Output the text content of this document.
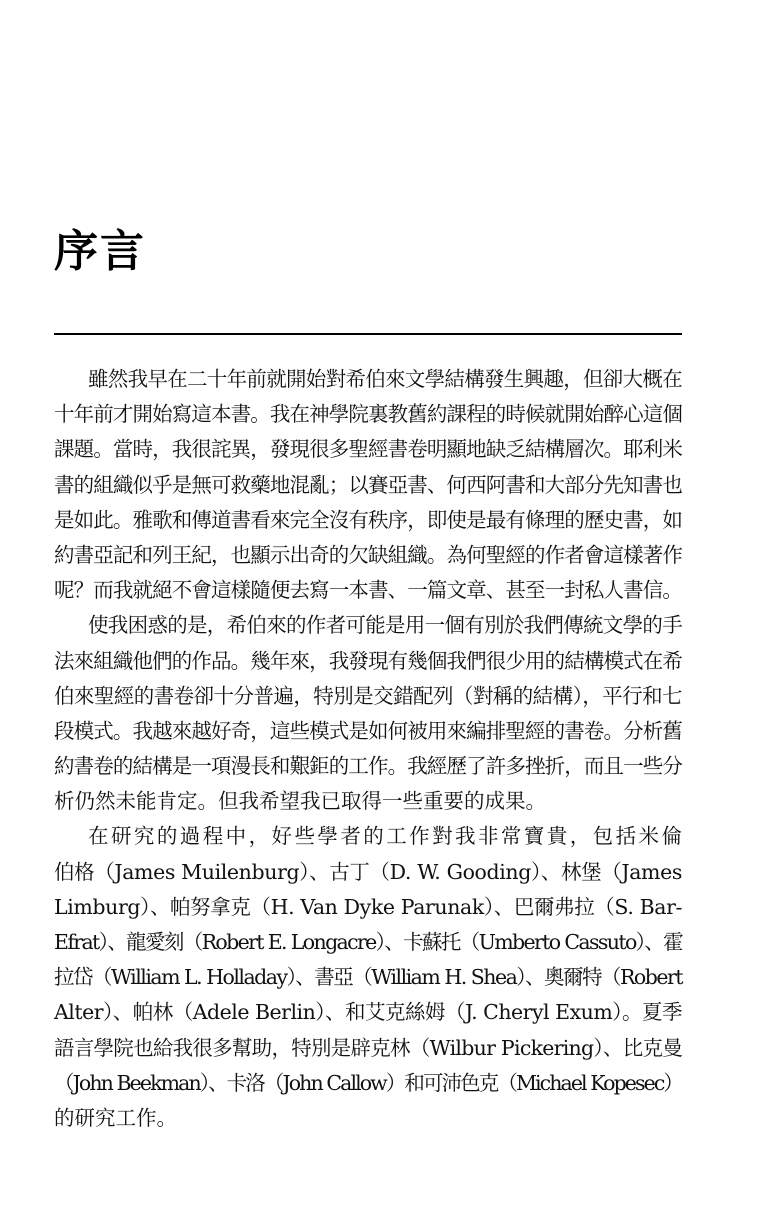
序言
雖然我早在二十年前就開始對希伯來文學結構發生興趣，但卻大概在
十年前才開始寫這本書。我在神學院裏教舊約課程的時候就開始醉心這個
課題。當時，我很詫異，發現很多聖經書卷明顯地缺乏結構層次。耶利米
書的組織似乎是無可救藥地混亂；以賽亞書、何西阿書和大部分先知書也
是如此。雅歌和傳道書看來完全沒有秩序，即使是最有條理的歷史書，如
約書亞記和列王紀，也顯示出奇的欠缺組織。為何聖經的作者會這樣著作
呢？而我就絕不會這樣隨便去寫一本書、一篇文章、甚至一封私人書信。
使我困惑的是，希伯來的作者可能是用一個有別於我們傳統文學的手
法來組織他們的作品。幾年來，我發現有幾個我們很少用的結構模式在希
伯來聖經的書卷卻十分普遍，特別是交錯配列（對稱的結構），平行和七
段模式。我越來越好奇，這些模式是如何被用來編排聖經的書卷。分析舊
約書卷的結構是一項漫長和艱鉅的工作。我經歷了許多挫折，而且一些分
析仍然未能肯定。但我希望我已取得一些重要的成果。
在研究的過程中，好些學者的工作對我非常寶貴，包括米倫
伯格（James Muilenburg）、古丁（D. W. Gooding）、林堡（James
Limburg）、帕努拿克（H. Van Dyke Parunak）、巴爾弗拉（S. Bar-
Efrat）、龍愛刻（Robert E. Longacre）、卡蘇托（Umberto Cassuto）、霍
拉岱（William L. Holladay）、書亞（William H. Shea）、奧爾特（Robert
Alter）、帕林（Adele Berlin）、和艾克絲姆（J. Cheryl Exum）。夏季
語言學院也給我很多幫助，特別是辟克林（Wilbur Pickering）、比克曼
（John Beekman）、卡洛（John Callow）和可沛色克（Michael Kopesec）
的研究工作。
